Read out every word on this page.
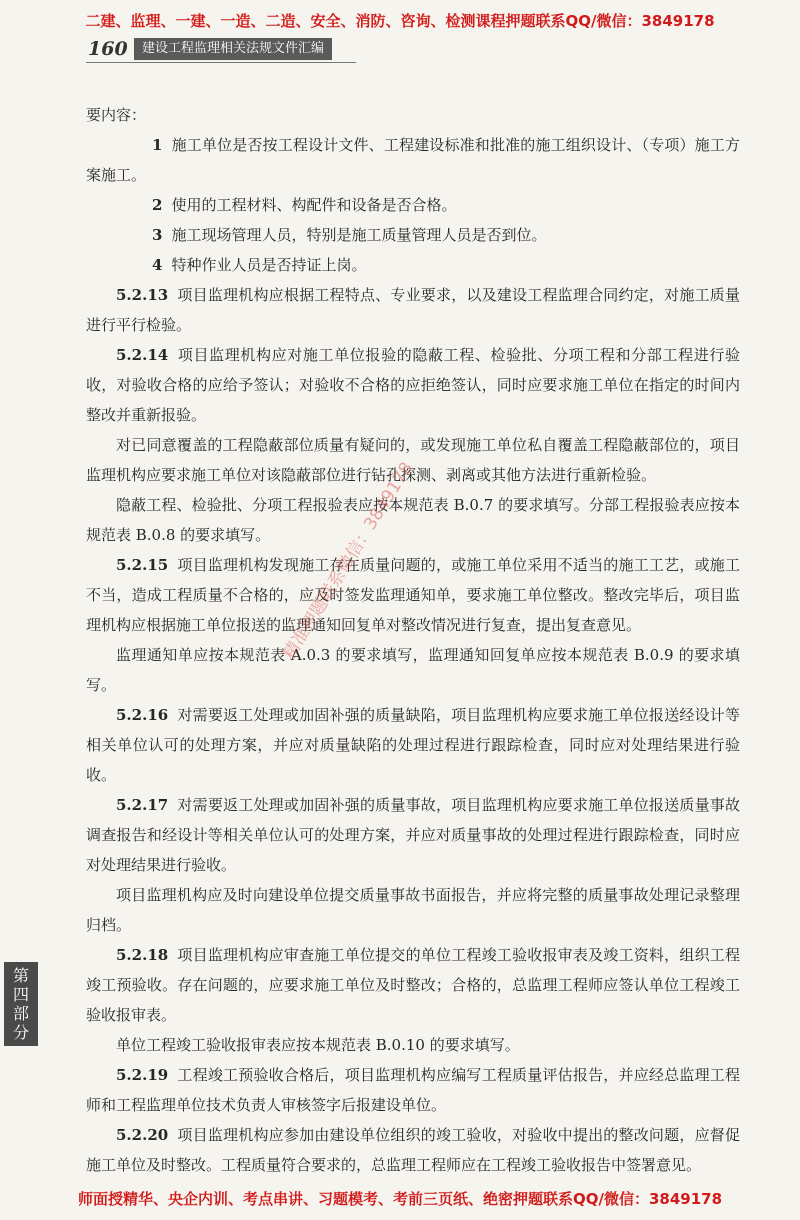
二建、监理、一建、一造、二造、安全、消防、咨询、检测课程押题联系QQ/微信：3849178
160	建设工程监理相关法规文件汇编

要内容：

1 施工单位是否按工程设计文件、工程建设标准和批准的施工组织设计、（专项）施工方案施工。

2 使用的工程材料、构配件和设备是否合格。

3 施工现场管理人员，特别是施工质量管理人员是否到位。

4 特种作业人员是否持证上岗。

5.2.13 项目监理机构应根据工程特点、专业要求，以及建设工程监理合同约定，对施工质量进行平行检验。

5.2.14 项目监理机构应对施工单位报验的隐蔽工程、检验批、分项工程和分部工程进行验收，对验收合格的应给予签认；对验收不合格的应拒绝签认，同时应要求施工单位在指定的时间内整改并重新报验。

对已同意覆盖的工程隐蔽部位质量有疑问的，或发现施工单位私自覆盖工程隐蔽部位的，项目监理机构应要求施工单位对该隐蔽部位进行钻孔探测、剥离或其他方法进行重新检验。

隐蔽工程、检验批、分项工程报验表应按本规范表 B.0.7 的要求填写。分部工程报验表应按本规范表 B.0.8 的要求填写。

5.2.15 项目监理机构发现施工存在质量问题的，或施工单位采用不适当的施工工艺，或施工不当，造成工程质量不合格的，应及时签发监理通知单，要求施工单位整改。整改完毕后，项目监理机构应根据施工单位报送的监理通知回复单对整改情况进行复查，提出复查意见。

监理通知单应按本规范表 A.0.3 的要求填写，监理通知回复单应按本规范表 B.0.9 的要求填写。

5.2.16 对需要返工处理或加固补强的质量缺陷，项目监理机构应要求施工单位报送经设计等相关单位认可的处理方案，并应对质量缺陷的处理过程进行跟踪检查，同时应对处理结果进行验收。

5.2.17 对需要返工处理或加固补强的质量事故，项目监理机构应要求施工单位报送质量事故调查报告和经设计等相关单位认可的处理方案，并应对质量事故的处理过程进行跟踪检查，同时应对处理结果进行验收。

项目监理机构应及时向建设单位提交质量事故书面报告，并应将完整的质量事故处理记录整理归档。

5.2.18 项目监理机构应审查施工单位提交的单位工程竣工验收报审表及竣工资料，组织工程竣工预验收。存在问题的，应要求施工单位及时整改；合格的，总监理工程师应签认单位工程竣工验收报审表。

单位工程竣工验收报审表应按本规范表 B.0.10 的要求填写。

5.2.19 工程竣工预验收合格后，项目监理机构应编写工程质量评估报告，并应经总监理工程师和工程监理单位技术负责人审核签字后报建设单位。

5.2.20 项目监理机构应参加由建设单位组织的竣工验收，对验收中提出的整改问题，应督促施工单位及时整改。工程质量符合要求的，总监理工程师应在工程竣工验收报告中签署意见。

精准押题联系微信：3849178
第
四
部
分
师面授精华、央企内训、考点串讲、习题模考、考前三页纸、绝密押题联系QQ/微信：3849178
